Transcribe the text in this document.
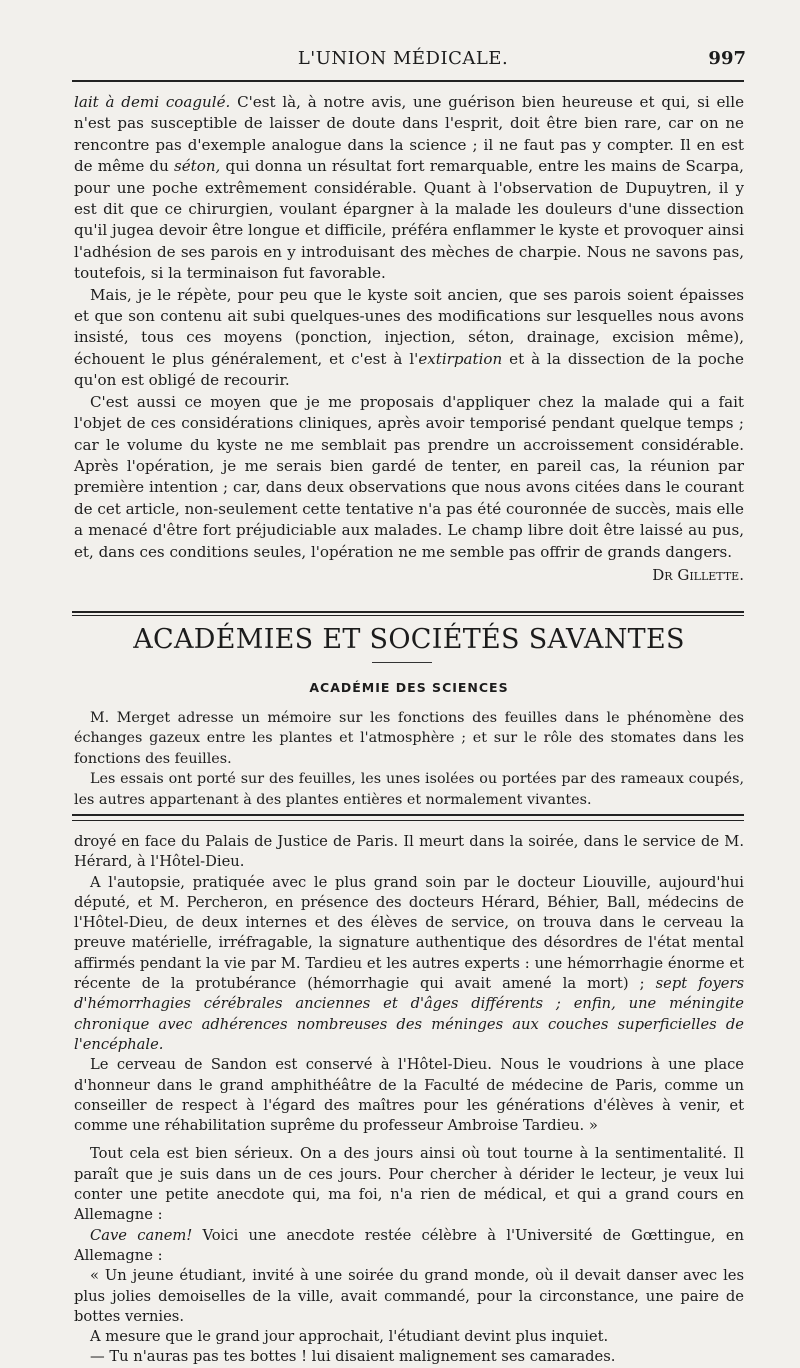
L'UNION MÉDICALE.	997

lait à demi coagulé. C'est là, à notre avis, une guérison bien heureuse et qui, si elle n'est pas susceptible de laisser de doute dans l'esprit, doit être bien rare, car on ne rencontre pas d'exemple analogue dans la science ; il ne faut pas y compter. Il en est de même du séton, qui donna un résultat fort remarquable, entre les mains de Scarpa, pour une poche extrêmement considérable. Quant à l'observation de Dupuytren, il y est dit que ce chirurgien, voulant épargner à la malade les douleurs d'une dissection qu'il jugea devoir être longue et difficile, préféra enflammer le kyste et provoquer ainsi l'adhésion de ses parois en y introduisant des mèches de charpie. Nous ne savons pas, toutefois, si la terminaison fut favorable.

Mais, je le répète, pour peu que le kyste soit ancien, que ses parois soient épaisses et que son contenu ait subi quelques-unes des modifications sur lesquelles nous avons insisté, tous ces moyens (ponction, injection, séton, drainage, excision même), échouent le plus généralement, et c'est à l'extirpation et à la dissection de la poche qu'on est obligé de recourir.

C'est aussi ce moyen que je me proposais d'appliquer chez la malade qui a fait l'objet de ces considérations cliniques, après avoir temporisé pendant quelque temps ; car le volume du kyste ne me semblait pas prendre un accroissement considérable. Après l'opération, je me serais bien gardé de tenter, en pareil cas, la réunion par première intention ; car, dans deux observations que nous avons citées dans le courant de cet article, non-seulement cette tentative n'a pas été couronnée de succès, mais elle a menacé d'être fort préjudiciable aux malades. Le champ libre doit être laissé au pus, et, dans ces conditions seules, l'opération ne me semble pas offrir de grands dangers.

Dr Gillette.
ACADÉMIES ET SOCIÉTÉS SAVANTES
ACADÉMIE DES SCIENCES

M. Merget adresse un mémoire sur les fonctions des feuilles dans le phénomène des échanges gazeux entre les plantes et l'atmosphère ; et sur le rôle des stomates dans les fonctions des feuilles.

Les essais ont porté sur des feuilles, les unes isolées ou portées par des rameaux coupés, les autres appartenant à des plantes entières et normalement vivantes.

droyé en face du Palais de Justice de Paris. Il meurt dans la soirée, dans le service de M. Hérard, à l'Hôtel-Dieu.

A l'autopsie, pratiquée avec le plus grand soin par le docteur Liouville, aujourd'hui député, et M. Percheron, en présence des docteurs Hérard, Béhier, Ball, médecins de l'Hôtel-Dieu, de deux internes et des élèves de service, on trouva dans le cerveau la preuve matérielle, irréfragable, la signature authentique des désordres de l'état mental affirmés pendant la vie par M. Tardieu et les autres experts : une hémorrhagie énorme et récente de la protubérance (hémorrhagie qui avait amené la mort) ; sept foyers d'hémorrhagies cérébrales anciennes et d'âges différents ; enfin, une méningite chronique avec adhérences nombreuses des méninges aux couches superficielles de l'encéphale.

Le cerveau de Sandon est conservé à l'Hôtel-Dieu. Nous le voudrions à une place d'honneur dans le grand amphithéâtre de la Faculté de médecine de Paris, comme un conseiller de respect à l'égard des maîtres pour les générations d'élèves à venir, et comme une réhabilitation suprême du professeur Ambroise Tardieu. »

Tout cela est bien sérieux. On a des jours ainsi où tout tourne à la sentimentalité. Il paraît que je suis dans un de ces jours. Pour chercher à dérider le lecteur, je veux lui conter une petite anecdote qui, ma foi, n'a rien de médical, et qui a grand cours en Allemagne :

Cave canem! Voici une anecdote restée célèbre à l'Université de Gœttingue, en Allemagne :

« Un jeune étudiant, invité à une soirée du grand monde, où il devait danser avec les plus jolies demoiselles de la ville, avait commandé, pour la circonstance, une paire de bottes vernies.

A mesure que le grand jour approchait, l'étudiant devint plus inquiet.

— Tu n'auras pas tes bottes ! lui disaient malignement ses camarades.
